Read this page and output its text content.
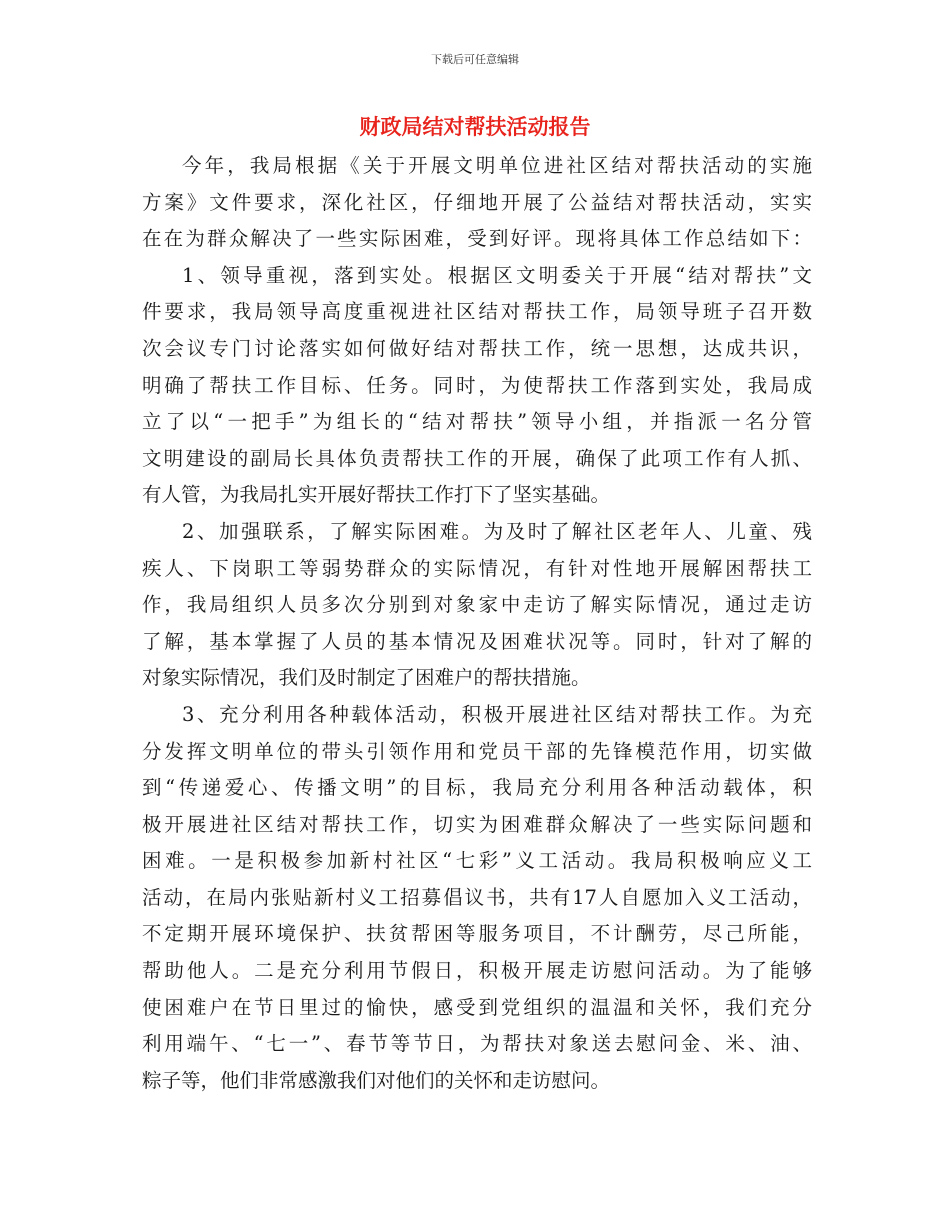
下载后可任意编辑
财政局结对帮扶活动报告
今年，我局根据《关于开展文明单位进社区结对帮扶活动的实施
方案》文件要求，深化社区，仔细地开展了公益结对帮扶活动，实实
在在为群众解决了一些实际困难，受到好评。现将具体工作总结如下：
1、领导重视，落到实处。根据区文明委关于开展“结对帮扶”文
件要求，我局领导高度重视进社区结对帮扶工作，局领导班子召开数
次会议专门讨论落实如何做好结对帮扶工作，统一思想，达成共识，
明确了帮扶工作目标、任务。同时，为使帮扶工作落到实处，我局成
立了以“一把手”为组长的“结对帮扶”领导小组，并指派一名分管
文明建设的副局长具体负责帮扶工作的开展，确保了此项工作有人抓、
有人管，为我局扎实开展好帮扶工作打下了坚实基础。
2、加强联系，了解实际困难。为及时了解社区老年人、儿童、残
疾人、下岗职工等弱势群众的实际情况，有针对性地开展解困帮扶工
作，我局组织人员多次分别到对象家中走访了解实际情况，通过走访
了解，基本掌握了人员的基本情况及困难状况等。同时，针对了解的
对象实际情况，我们及时制定了困难户的帮扶措施。
3、充分利用各种载体活动，积极开展进社区结对帮扶工作。为充
分发挥文明单位的带头引领作用和党员干部的先锋模范作用，切实做
到“传递爱心、传播文明”的目标，我局充分利用各种活动载体，积
极开展进社区结对帮扶工作，切实为困难群众解决了一些实际问题和
困难。一是积极参加新村社区“七彩”义工活动。我局积极响应义工
活动，在局内张贴新村义工招募倡议书，共有17人自愿加入义工活动，
不定期开展环境保护、扶贫帮困等服务项目，不计酬劳，尽己所能，
帮助他人。二是充分利用节假日，积极开展走访慰问活动。为了能够
使困难户在节日里过的愉快，感受到党组织的温温和关怀，我们充分
利用端午、“七一”、春节等节日，为帮扶对象送去慰问金、米、油、
粽子等，他们非常感激我们对他们的关怀和走访慰问。
